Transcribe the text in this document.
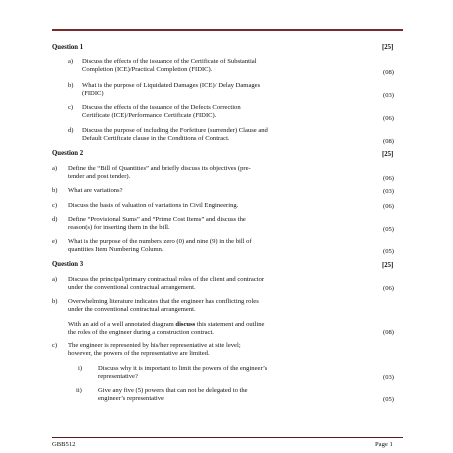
Question 1	[25]
a) Discuss the effects of the issuance of the Certificate of Substantial
Completion (ICE)/Practical Completion (FIDIC).	(08)
b) What is the purpose of Liquidated Damages (ICE)/ Delay Damages
(FIDIC)	(03)
c) Discuss the effects of the issuance of the Defects Correction
Certificate (ICE)/Performance Certificate (FIDIC).	(06)
d) Discuss the purpose of including the Forfeiture (surrender) Clause and
Default Certificate clause in the Conditions of Contract.	(08)
Question 2	[25]
a) Define the “Bill of Quantities” and briefly discuss its objectives (pre-
tender and post tender).	(06)
b) What are variations?	(03)
c) Discuss the basis of valuation of variations in Civil Engineering.	(06)
d) Define “Provisional Sums” and “Prime Cost Items” and discuss the
reason(s) for inserting them in the bill.	(05)
e) What is the purpose of the numbers zero (0) and nine (9) in the bill of
quantities Item Numbering Column.	(05)
Question 3	[25]
a) Discuss the principal/primary contractual roles of the client and contractor
under the conventional contractual arrangement.	(06)
b) Overwhelming literature indicates that the engineer has conflicting roles
under the conventional contractual arrangement.
With an aid of a well annotated diagram discuss this statement and outline
the roles of the engineer during a construction contract.	(08)
c) The engineer is represented by his/her representative at site level;
however, the powers of the representative are limited.
i) Discuss why it is important to limit the powers of the engineer’s
representative?	(03)
ii) Give any five (5) powers that can not be delegated to the
engineer’s representative	(05)
GBB512	Page 1
